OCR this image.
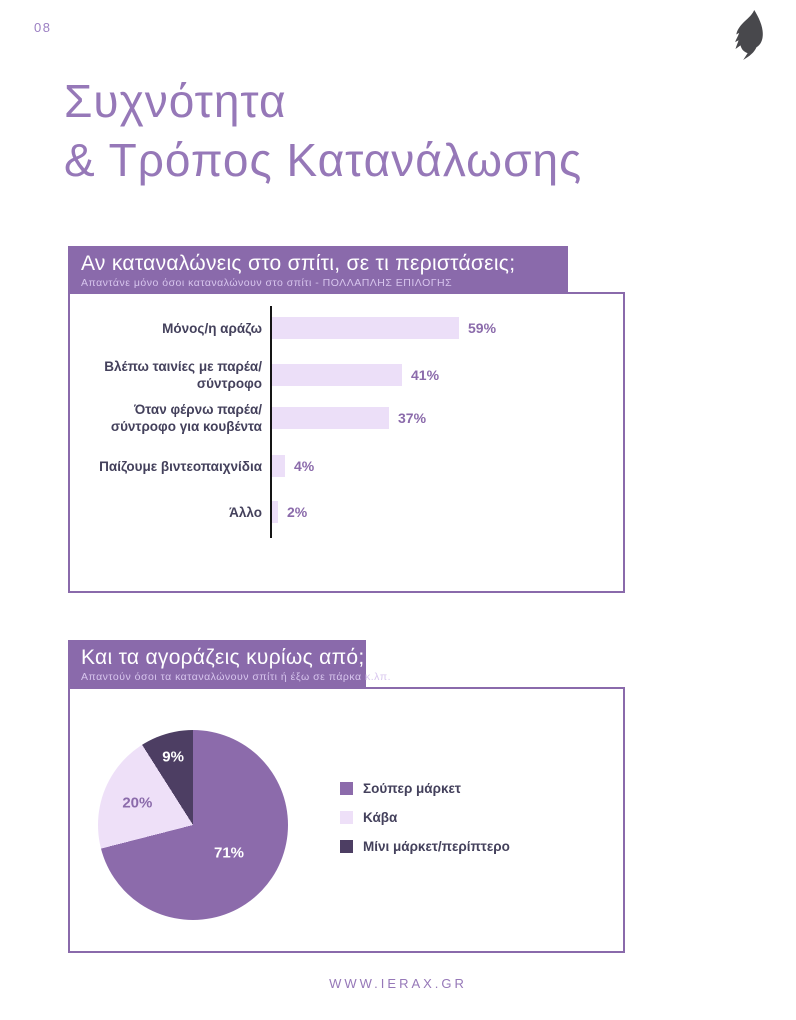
08
Συχνότητα
& Τρόπος Κατανάλωσης
Αν καταναλώνεις στο σπίτι, σε τι περιστάσεις;
Απαντάνε μόνο όσοι καταναλώνουν στο σπίτι - ΠΟΛΛΑΠΛΗΣ ΕΠΙΛΟΓΗΣ
Μόνος/η αράζω	59%
Βλέπω ταινίες με παρέα/
σύντροφο
41%
Όταν φέρνω παρέα/
σύντροφο για κουβέντα
37%
Παίζουμε βιντεοπαιχνίδια 4%
Άλλο 2%
Και τα αγοράζεις κυρίως από;
Απαντούν όσοι τα καταναλώνουν σπίτι ή έξω σε πάρκα κ.λπ.
71%
20%
9%
Σούπερ μάρκετ
Κάβα
Μίνι μάρκετ/περίπτερο
WWW.IERAX.GR
